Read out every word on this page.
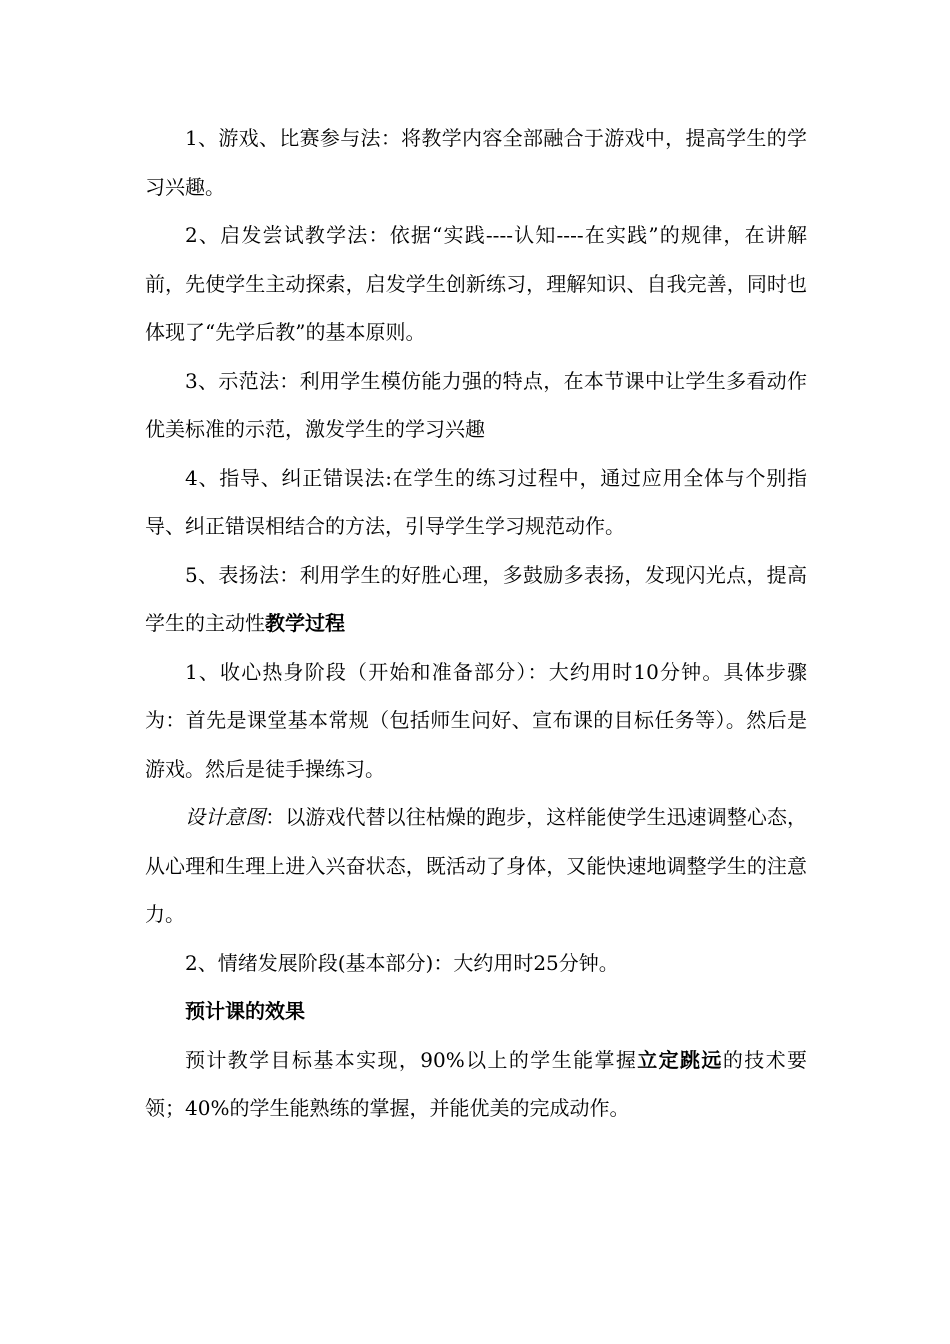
1、游戏、比赛参与法：将教学内容全部融合于游戏中，提高学生的学习兴趣。

2、启发尝试教学法：依据“实践----认知----在实践”的规律，在讲解前，先使学生主动探索，启发学生创新练习，理解知识、自我完善，同时也体现了“先学后教”的基本原则。

3、示范法：利用学生模仿能力强的特点，在本节课中让学生多看动作优美标准的示范，激发学生的学习兴趣

4、指导、纠正错误法:在学生的练习过程中，通过应用全体与个别指导、纠正错误相结合的方法，引导学生学习规范动作。

5、表扬法：利用学生的好胜心理，多鼓励多表扬，发现闪光点，提高学生的主动性教学过程

1、收心热身阶段（开始和准备部分）：大约用时10分钟。具体步骤为：首先是课堂基本常规（包括师生问好、宣布课的目标任务等）。然后是游戏。然后是徒手操练习。

设计意图：以游戏代替以往枯燥的跑步，这样能使学生迅速调整心态，从心理和生理上进入兴奋状态，既活动了身体，又能快速地调整学生的注意力。

2、情绪发展阶段(基本部分)：大约用时25分钟。

预计课的效果

预计教学目标基本实现，90%以上的学生能掌握立定跳远的技术要领；40%的学生能熟练的掌握，并能优美的完成动作。
